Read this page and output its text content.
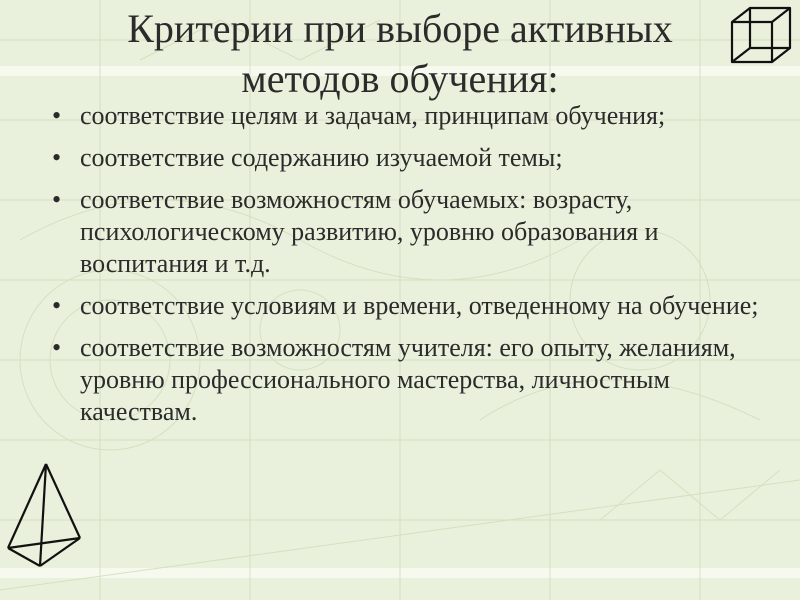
Критерии при выборе активных
методов обучения:
• соответствие целям и задачам, принципам обучения;
• соответствие содержанию изучаемой темы;
• соответствие возможностям обучаемых: возрасту, психологическому развитию, уровню образования и воспитания и т.д.
• соответствие условиям и времени, отведенному на обучение;
• соответствие возможностям учителя: его опыту, желаниям, уровню профессионального мастерства, личностным качествам.
